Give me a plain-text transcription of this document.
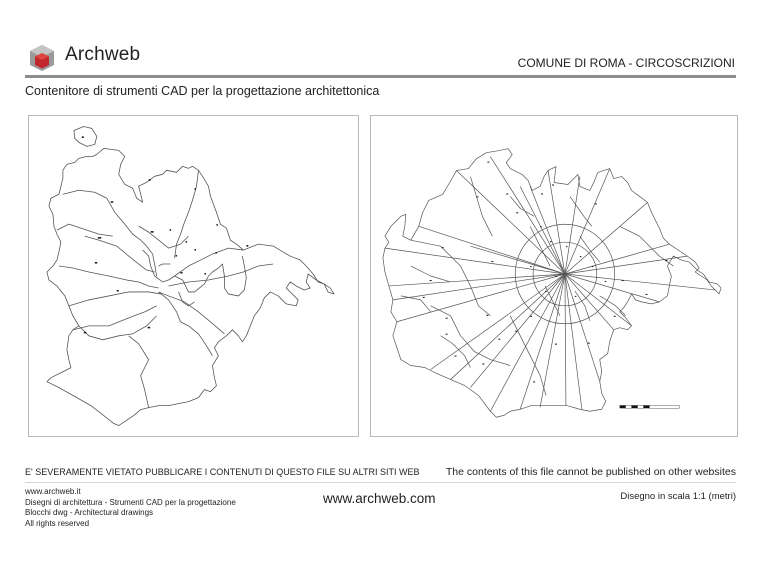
Archweb	COMUNE DI ROMA - CIRCOSCRIZIONI
Contenitore di strumenti CAD per la progettazione architettonica
E' SEVERAMENTE VIETATO PUBBLICARE I CONTENUTI DI QUESTO FILE SU ALTRI SITI WEB	The contents of this file cannot be published on other websites
www.archweb.it
Disegni di architettura - Strumenti CAD per la progettazione
Blocchi dwg - Architectural drawings
All rights reserved
www.archweb.com	Disegno in scala 1:1 (metri)
